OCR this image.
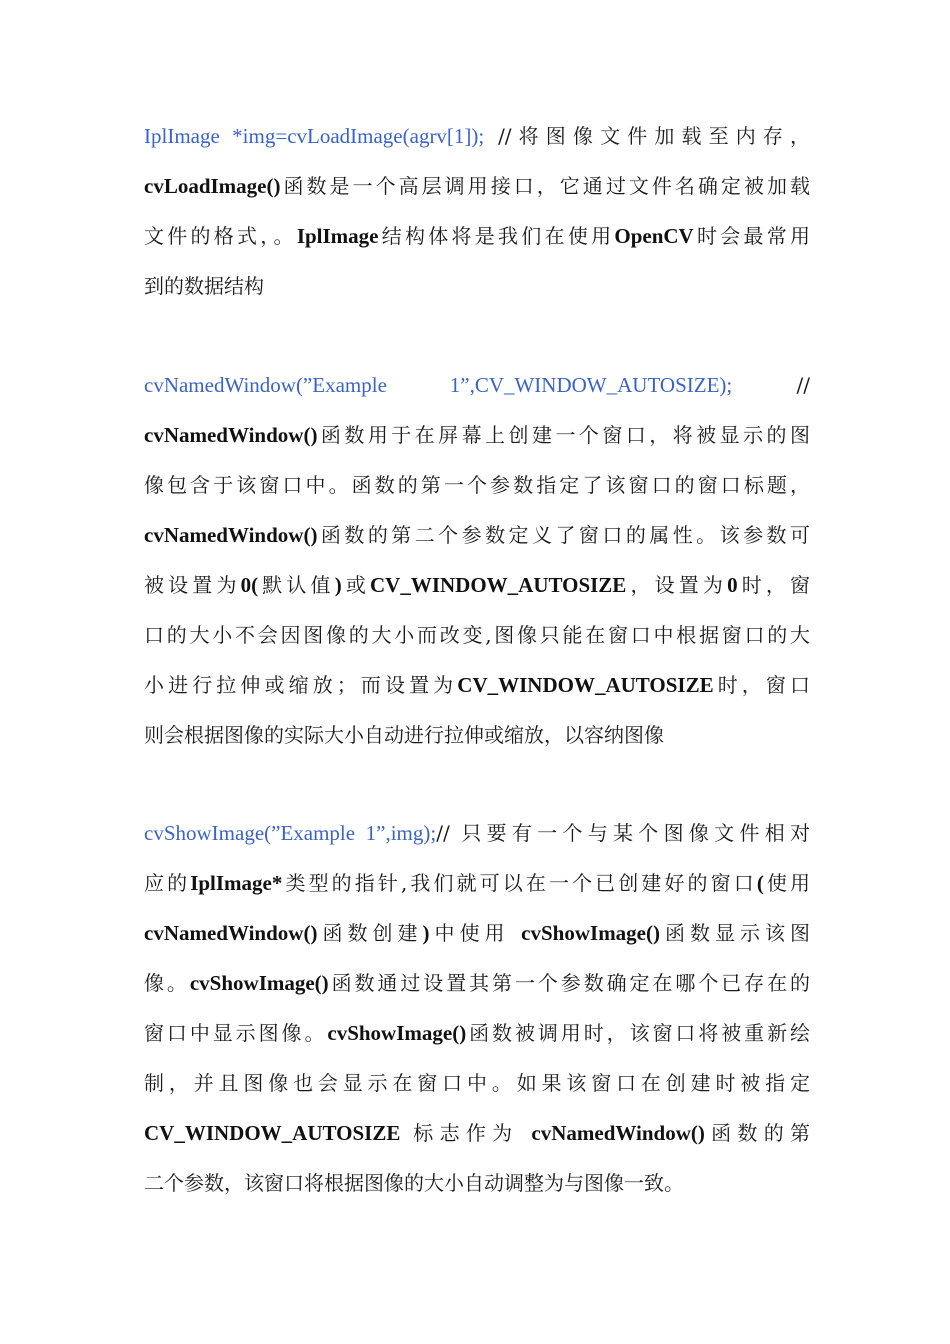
IplImage *img=cvLoadImage(agrv[1]); //将图像文件加载至内存，
cvLoadImage()函数是一个高层调用接口，它通过文件名确定被加载
文件的格式，。IplImage结构体将是我们在使用OpenCV时会最常用
到的数据结构
cvNamedWindow(”Example 1”,CV_WINDOW_AUTOSIZE);	//
cvNamedWindow()函数用于在屏幕上创建一个窗口，将被显示的图
像包含于该窗口中。函数的第一个参数指定了该窗口的窗口标题，
cvNamedWindow()函数的第二个参数定义了窗口的属性。该参数可
被设置为0(默认值)或CV_WINDOW_AUTOSIZE，设置为0时，窗
口的大小不会因图像的大小而改变,图像只能在窗口中根据窗口的大
小进行拉伸或缩放；而设置为CV_WINDOW_AUTOSIZE时，窗口
则会根据图像的实际大小自动进行拉伸或缩放，以容纳图像
cvShowImage(”Example 1”,img);// 只要有一个与某个图像文件相对
应的IplImage*类型的指针,我们就可以在一个已创建好的窗口(使用
cvNamedWindow()函数创建)中使用 cvShowImage()函数显示该图
像。cvShowImage()函数通过设置其第一个参数确定在哪个已存在的
窗口中显示图像。cvShowImage()函数被调用时，该窗口将被重新绘
制，并且图像也会显示在窗口中。如果该窗口在创建时被指定
CV_WINDOW_AUTOSIZE 标志作为 cvNamedWindow()函数的第
二个参数，该窗口将根据图像的大小自动调整为与图像一致。
